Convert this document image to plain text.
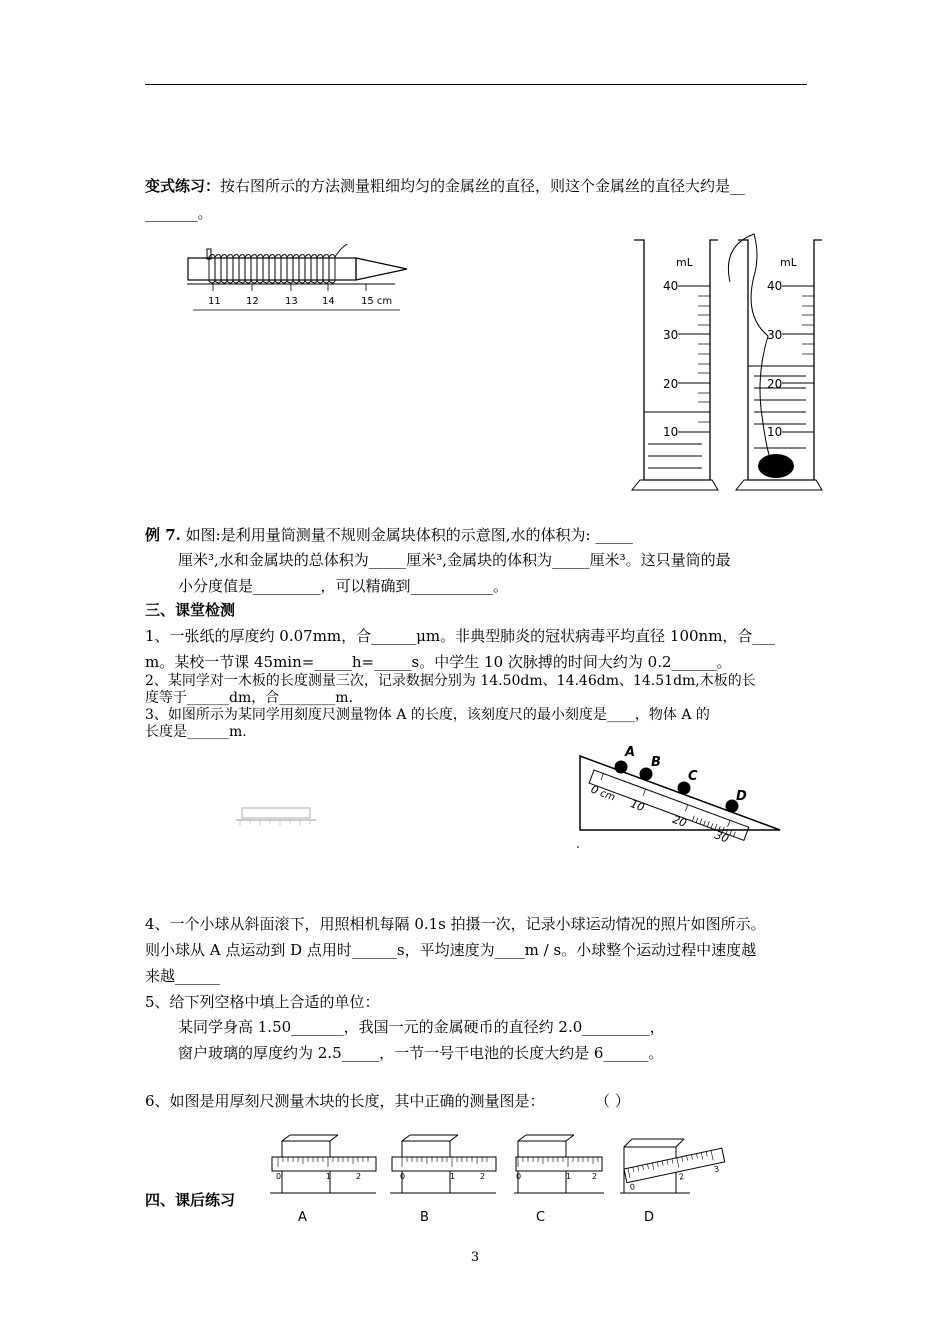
变式练习：按右图所示的方法测量粗细均匀的金属丝的直径，则这个金属丝的直径大约是__
_______。
11	12	13 14	15 cm
mL
40
30
20
10
mL
40
30
20
10
例 7. 如图:是利用量筒测量不规则金属块体积的示意图,水的体积为: _____
厘米³,水和金属块的总体积为_____厘米³,金属块的体积为_____厘米³。这只量筒的最
小分度值是_________，可以精确到___________。
三、课堂检测
1、一张纸的厚度约 0.07mm，合______μm。非典型肺炎的冠状病毒平均直径 100nm，合___
m。某校一节课 45min=_____h=_____s。中学生 10 次脉搏的时间大约为 0.2______。
2、某同学对一木板的长度测量三次，记录数据分别为 14.50dm、14.46dm、14.51dm,木板的长
度等于______dm，合________m.
3、如图所示为某同学用刻度尺测量物体 A 的长度，该刻度尺的最小刻度是____，物体 A 的
长度是______m.
0
cm
10
20
30
A
B
C
D
4、一个小球从斜面滚下，用照相机每隔 0.1s 拍摄一次，记录小球运动情况的照片如图所示。
则小球从 A 点运动到 D 点用时______s，平均速度为____m / s。小球整个运动过程中速度越
来越______
5、给下列空格中填上合适的单位：
某同学身高 1.50_______，我国一元的金属硬币的直径约 2.0_________，
窗户玻璃的厚度约为 2.5_____，一节一号干电池的长度大约是 6______。
6、如图是用厚刻尺测量木块的长度，其中正确的测量图是：	（ ）
0	1	2
A
0	1	2
B
0	1	2
C
0
2
3
D
四、课后练习
3
